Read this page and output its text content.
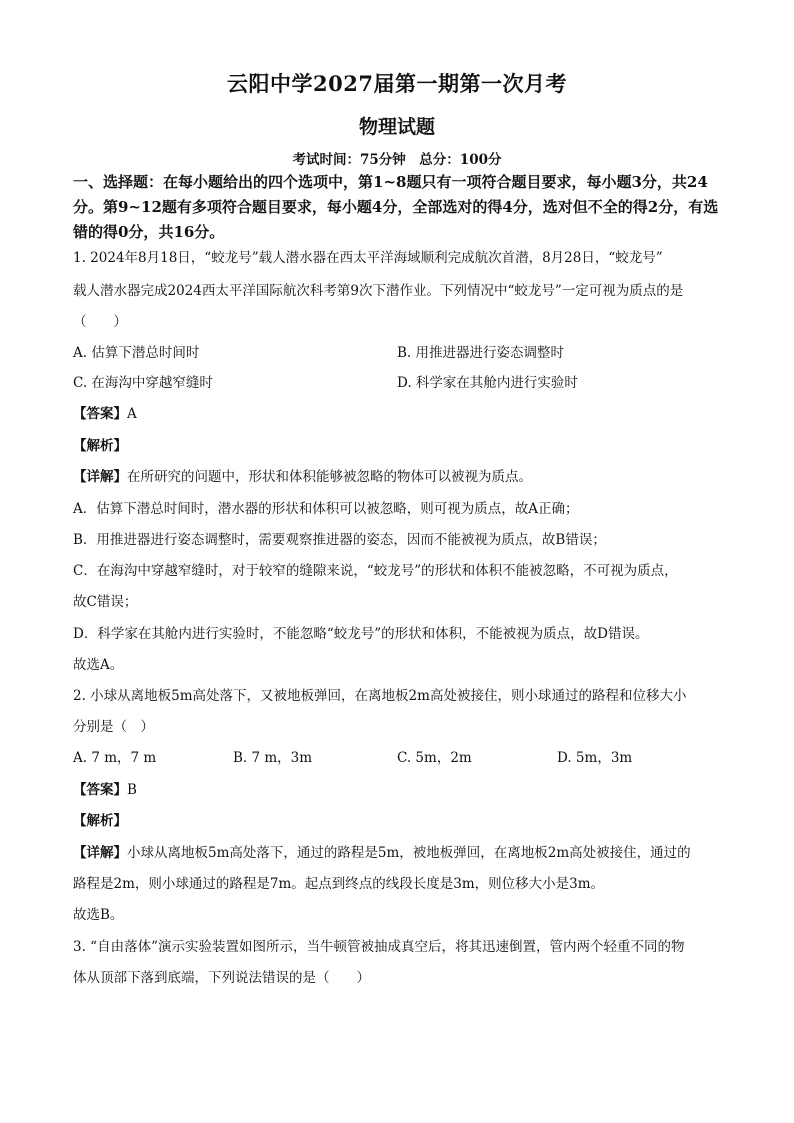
云阳中学2027届第一期第一次月考
物理试题
考试时间：75分钟　总分：100分
一、选择题：在每小题给出的四个选项中，第1~8题只有一项符合题目要求，每小题3分，共24分。第9~12题有多项符合题目要求，每小题4分，全部选对的得4分，选对但不全的得2分，有选错的得0分，共16分。
1. 2024年8月18日，“蛟龙号”载人潜水器在西太平洋海域顺利完成航次首潜，8月28日，“蛟龙号”
载人潜水器完成2024西太平洋国际航次科考第9次下潜作业。下列情况中“蛟龙号”一定可视为质点的是
（　　）
A. 估算下潜总时间时	B. 用推进器进行姿态调整时
C. 在海沟中穿越窄缝时	D. 科学家在其舱内进行实验时
【答案】A
【解析】
【详解】在所研究的问题中，形状和体积能够被忽略的物体可以被视为质点。
A．估算下潜总时间时，潜水器的形状和体积可以被忽略，则可视为质点，故A正确；
B．用推进器进行姿态调整时，需要观察推进器的姿态，因而不能被视为质点，故B错误；
C．在海沟中穿越窄缝时，对于较窄的缝隙来说，“蛟龙号”的形状和体积不能被忽略，不可视为质点，
故C错误；
D．科学家在其舱内进行实验时，不能忽略“蛟龙号”的形状和体积，不能被视为质点，故D错误。
故选A。
2. 小球从离地板5m高处落下，又被地板弹回，在离地板2m高处被接住，则小球通过的路程和位移大小
分别是（　）
A. 7 m，7 m	B. 7 m，3m	C. 5m，2m	D. 5m，3m
【答案】B
【解析】
【详解】小球从离地板5m高处落下，通过的路程是5m，被地板弹回，在离地板2m高处被接住，通过的
路程是2m，则小球通过的路程是7m。起点到终点的线段长度是3m，则位移大小是3m。
故选B。
3. “自由落体”演示实验装置如图所示，当牛顿管被抽成真空后，将其迅速倒置，管内两个轻重不同的物
体从顶部下落到底端，下列说法错误的是（　　）
